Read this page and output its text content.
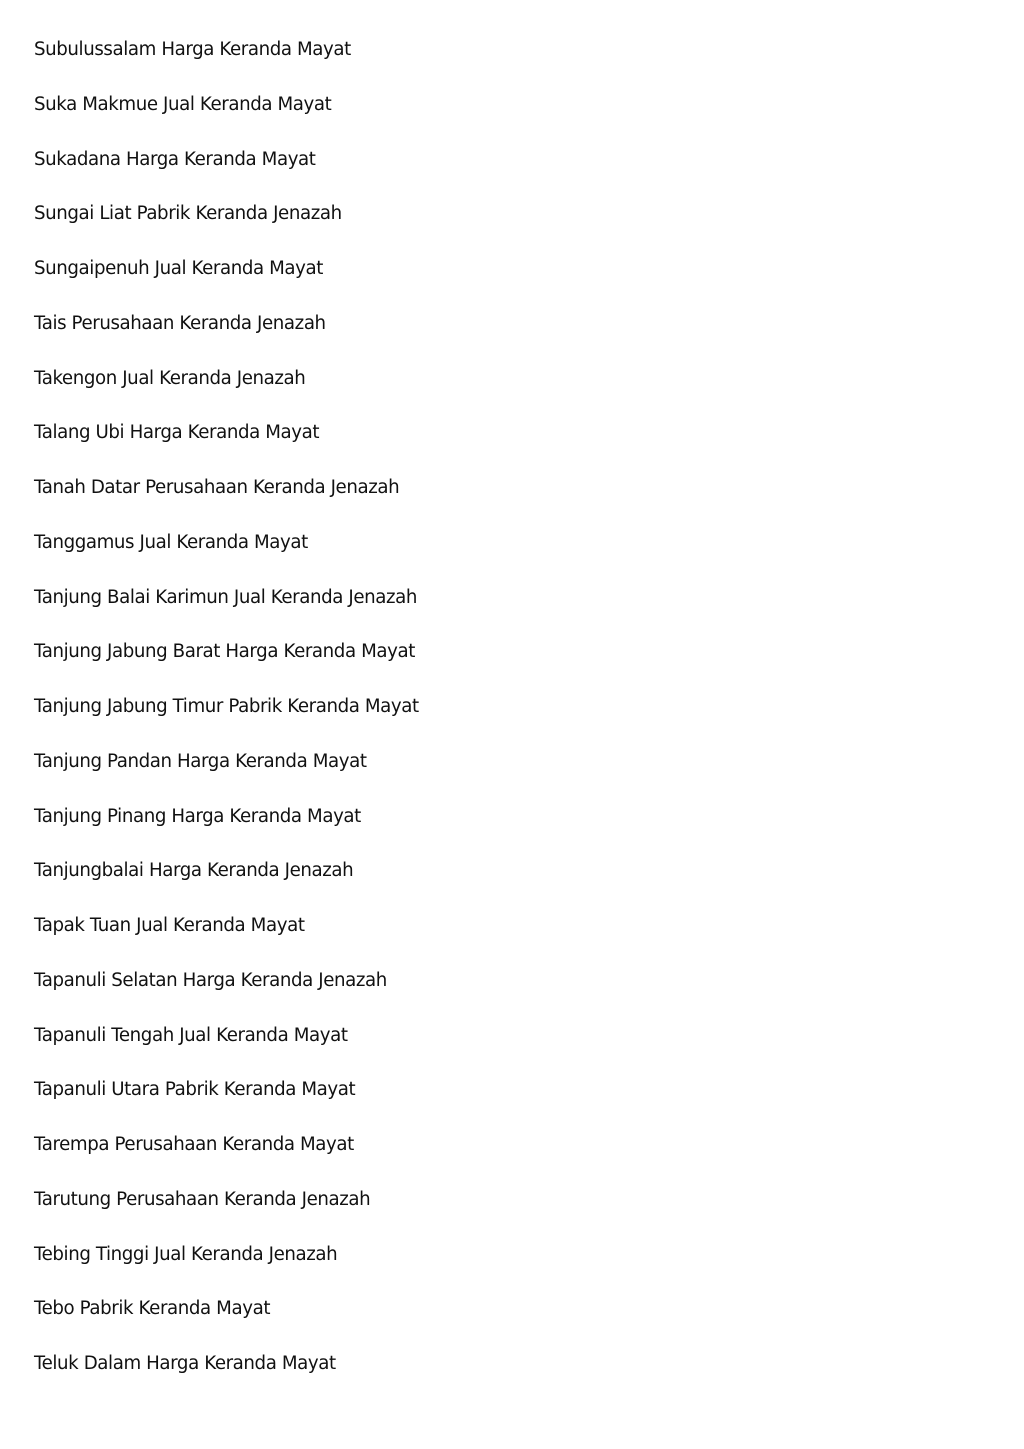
Subulussalam Harga Keranda Mayat
Suka Makmue Jual Keranda Mayat
Sukadana Harga Keranda Mayat
Sungai Liat Pabrik Keranda Jenazah
Sungaipenuh Jual Keranda Mayat
Tais Perusahaan Keranda Jenazah
Takengon Jual Keranda Jenazah
Talang Ubi Harga Keranda Mayat
Tanah Datar Perusahaan Keranda Jenazah
Tanggamus Jual Keranda Mayat
Tanjung Balai Karimun Jual Keranda Jenazah
Tanjung Jabung Barat Harga Keranda Mayat
Tanjung Jabung Timur Pabrik Keranda Mayat
Tanjung Pandan Harga Keranda Mayat
Tanjung Pinang Harga Keranda Mayat
Tanjungbalai Harga Keranda Jenazah
Tapak Tuan Jual Keranda Mayat
Tapanuli Selatan Harga Keranda Jenazah
Tapanuli Tengah Jual Keranda Mayat
Tapanuli Utara Pabrik Keranda Mayat
Tarempa Perusahaan Keranda Mayat
Tarutung Perusahaan Keranda Jenazah
Tebing Tinggi Jual Keranda Jenazah
Tebo Pabrik Keranda Mayat
Teluk Dalam Harga Keranda Mayat
